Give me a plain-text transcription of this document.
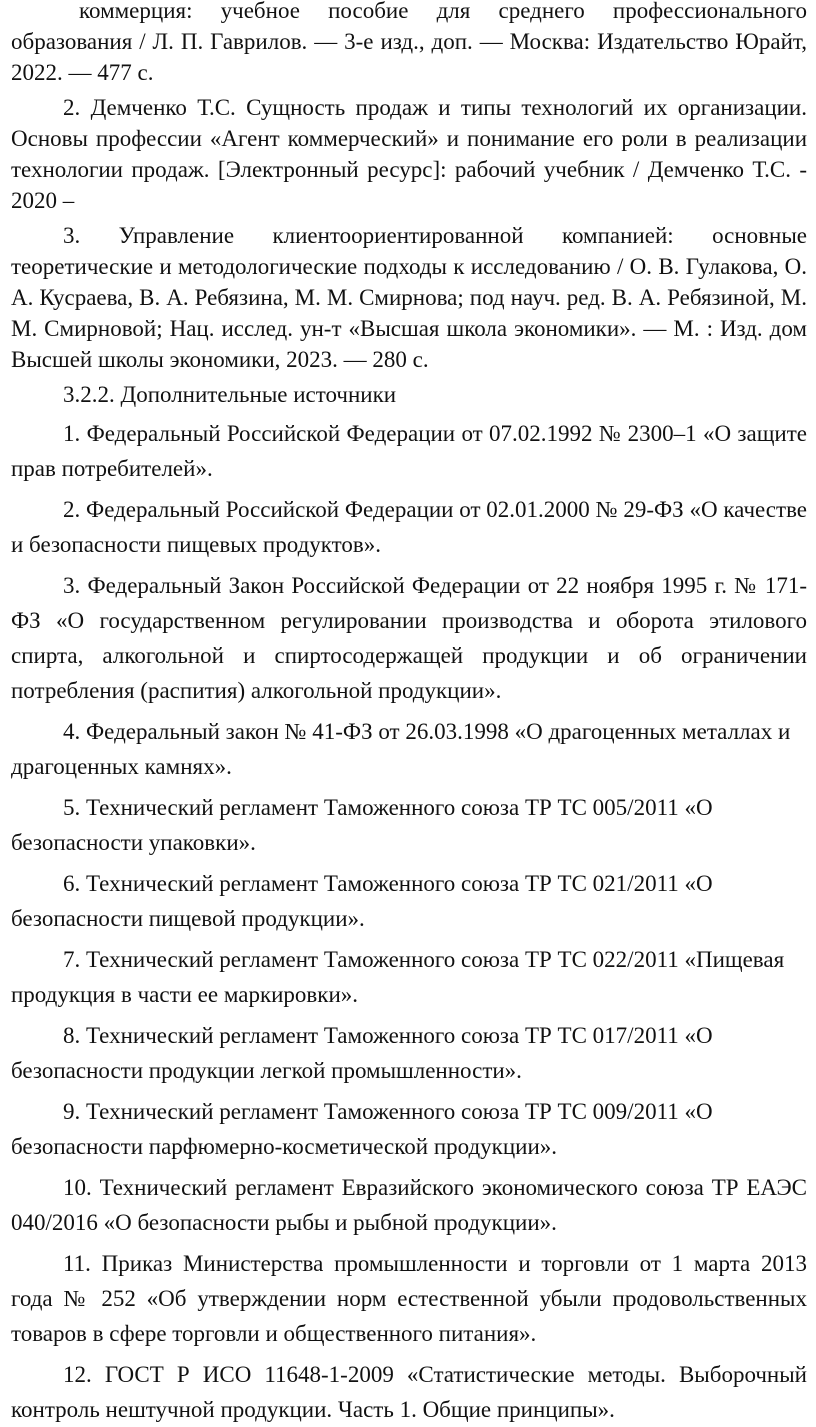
коммерция: учебное пособие для среднего профессионального образования / Л. П. Гаврилов. — 3-е изд., доп. — Москва: Издательство Юрайт, 2022. — 477 с.

2. Демченко Т.С. Сущность продаж и типы технологий их организации. Основы профессии «Агент коммерческий» и понимание его роли в реализации технологии продаж. [Электронный ресурс]: рабочий учебник / Демченко Т.С. - 2020 –

3. Управление клиентоориентированной компанией: основные теоретические и методологические подходы к исследованию / О. В. Гулакова, О. А. Кусраева, В. А. Ребязина, М. М. Смирнова; под науч. ред. В. А. Ребязиной, М. М. Смирновой; Нац. исслед. ун-т «Высшая школа экономики». — М. : Изд. дом Высшей школы экономики, 2023. — 280 с.

3.2.2. Дополнительные источники

1. Федеральный Российской Федерации от 07.02.1992 № 2300–1 «О защите прав потребителей».

2. Федеральный Российской Федерации от 02.01.2000 № 29-ФЗ «О качестве и безопасности пищевых продуктов».

3. Федеральный Закон Российской Федерации от 22 ноября 1995 г. № 171-ФЗ «О государственном регулировании производства и оборота этилового спирта, алкогольной и спиртосодержащей продукции и об ограничении потребления (распития) алкогольной продукции».

4. Федеральный закон № 41-ФЗ от 26.03.1998 «О драгоценных металлах и драгоценных камнях».

5. Технический регламент Таможенного союза ТР ТС 005/2011 «О безопасности упаковки».

6. Технический регламент Таможенного союза ТР ТС 021/2011 «О безопасности пищевой продукции».

7. Технический регламент Таможенного союза ТР ТС 022/2011 «Пищевая продукция в части ее маркировки».

8. Технический регламент Таможенного союза ТР ТС 017/2011 «О безопасности продукции легкой промышленности».

9. Технический регламент Таможенного союза ТР ТС 009/2011 «О безопасности парфюмерно-косметической продукции».

10. Технический регламент Евразийского экономического союза ТР ЕАЭС 040/2016 «О безопасности рыбы и рыбной продукции».

11. Приказ Министерства промышленности и торговли от 1 марта 2013 года № 252 «Об утверждении норм естественной убыли продовольственных товаров в сфере торговли и общественного питания».

12. ГОСТ Р ИСО 11648-1-2009 «Статистические методы. Выборочный контроль нештучной продукции. Часть 1. Общие принципы».
